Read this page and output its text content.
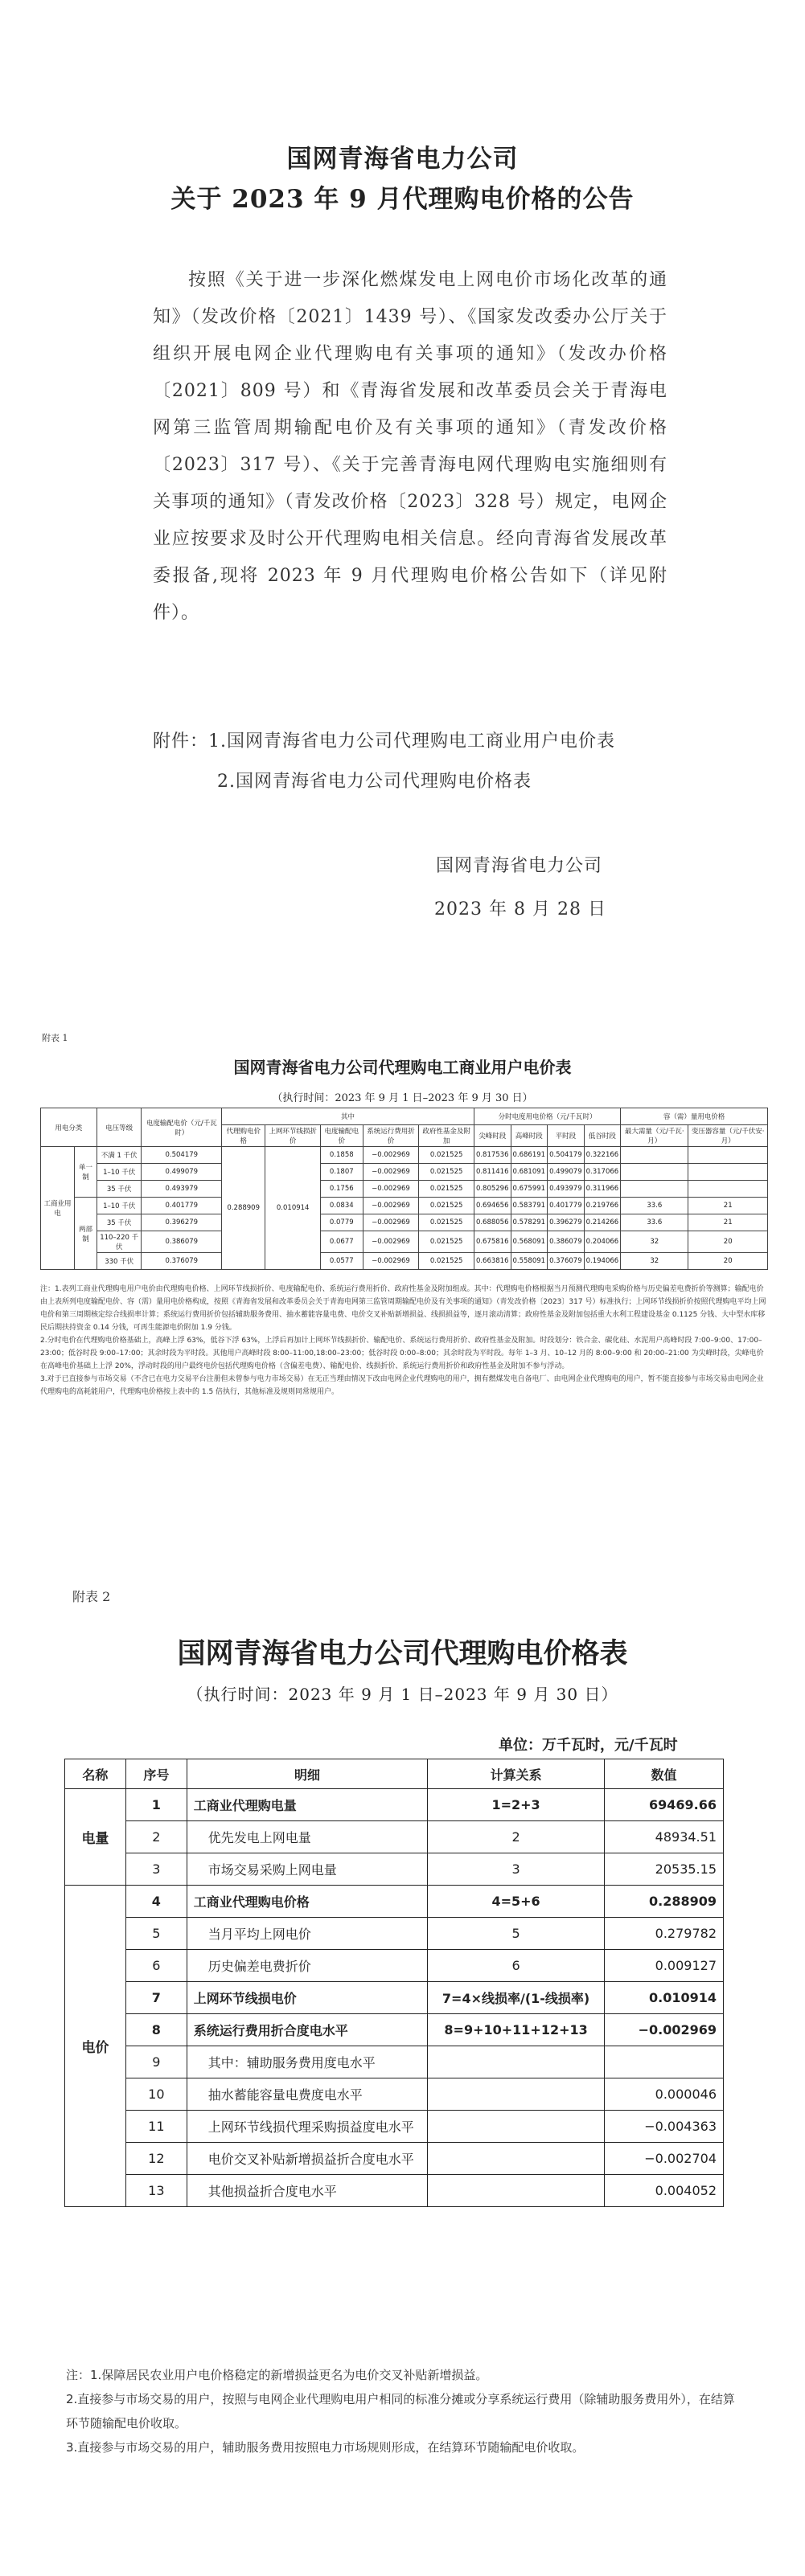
国网青海省电力公司
关于 2023 年 9 月代理购电价格的公告
按照《关于进一步深化燃煤发电上网电价市场化改革的通知》（发改价格〔2021〕1439 号）、《国家发改委办公厅关于组织开展电网企业代理购电有关事项的通知》（发改办价格〔2021〕809 号）和《青海省发展和改革委员会关于青海电网第三监管周期输配电价及有关事项的通知》（青发改价格〔2023〕317 号）、《关于完善青海电网代理购电实施细则有关事项的通知》（青发改价格〔2023〕328 号）规定，电网企业应按要求及时公开代理购电相关信息。经向青海省发展改革委报备,现将 2023 年 9 月代理购电价格公告如下（详见附件）。
附件：1.国网青海省电力公司代理购电工商业用户电价表
2.国网青海省电力公司代理购电价格表
国网青海省电力公司
2023 年 8 月 28 日
附表 1
国网青海省电力公司代理购电工商业用户电价表
（执行时间：2023 年 9 月 1 日–2023 年 9 月 30 日）
用电分类		电压等级	电度输配电价（元/千瓦时）	其中					分时电度用电价格（元/千瓦时）				容（需）量用电价格	
				代理购电价格	上网环节线损折价	电度输配电价	系统运行费用折价	政府性基金及附加	尖峰时段	高峰时段	平时段	低谷时段	最大需量（元/千瓦·月）	变压器容量（元/千伏安·月）
工商业用电	单一制	不满 1 千伏	0.504179	0.288909	0.010914	0.1858	−0.002969	0.021525	0.817536	0.686191	0.504179	0.322166		
		1–10 千伏	0.499079			0.1807	−0.002969	0.021525	0.811416	0.681091	0.499079	0.317066		
		35 千伏	0.493979			0.1756	−0.002969	0.021525	0.805296	0.675991	0.493979	0.311966		
	两部制	1–10 千伏	0.401779			0.0834	−0.002969	0.021525	0.694656	0.583791	0.401779	0.219766	33.6	21
		35 千伏	0.396279			0.0779	−0.002969	0.021525	0.688056	0.578291	0.396279	0.214266	33.6	21
		110–220 千伏	0.386079			0.0677	−0.002969	0.021525	0.675816	0.568091	0.386079	0.204066	32	20
		330 千伏	0.376079			0.0577	−0.002969	0.021525	0.663816	0.558091	0.376079	0.194066	32	20
注：1.表列工商业代理购电用户电价由代理购电价格、上网环节线损折价、电度输配电价、系统运行费用折价、政府性基金及附加组成。其中：代理购电价格根据当月预测代理购电采购价格与历史偏差电费折价等测算；输配电价由上表所列电度输配电价、容（需）量用电价格构成，按照《青海省发展和改革委员会关于青海电网第三监管周期输配电价及有关事项的通知》（青发改价格〔2023〕317 号）标准执行；上网环节线损折价按照代理购电平均上网电价和第三周期核定综合线损率计算；系统运行费用折价包括辅助服务费用、抽水蓄能容量电费、电价交叉补贴新增损益、线损损益等，逐月滚动清算；政府性基金及附加包括重大水利工程建设基金 0.1125 分钱、大中型水库移民后期扶持资金 0.14 分钱，可再生能源电价附加 1.9 分钱。
2.分时电价在代理购电价格基础上，高峰上浮 63%，低谷下浮 63%，上浮后再加计上网环节线损折价、输配电价、系统运行费用折价、政府性基金及附加。时段划分：铁合金、碳化硅、水泥用户高峰时段 7:00–9:00、17:00–23:00；低谷时段 9:00–17:00；其余时段为平时段。其他用户高峰时段 8:00–11:00,18:00–23:00；低谷时段 0:00–8:00；其余时段为平时段。每年 1–3 月、10–12 月的 8:00–9:00 和 20:00–21:00 为尖峰时段，尖峰电价在高峰电价基础上上浮 20%，浮动时段的用户最终电价包括代理购电价格（含偏差电费）、输配电价、线损折价、系统运行费用折价和政府性基金及附加不参与浮动。
3.对于已直接参与市场交易（不含已在电力交易平台注册但未曾参与电力市场交易）在无正当理由情况下改由电网企业代理购电的用户，拥有燃煤发电自备电厂、由电网企业代理购电的用户，暂不能直接参与市场交易由电网企业代理购电的高耗能用户，代理购电价格按上表中的 1.5 倍执行，其他标准及规则同常规用户。
附表 2
国网青海省电力公司代理购电价格表
（执行时间：2023 年 9 月 1 日–2023 年 9 月 30 日）
单位：万千瓦时，元/千瓦时
名称	序号	明细	计算关系	数值
电量	1	工商业代理购电量	1=2+3	69469.66
	2	优先发电上网电量	2	48934.51
	3	市场交易采购上网电量	3	20535.15
电价	4	工商业代理购电价格	4=5+6	0.288909
	5	当月平均上网电价	5	0.279782
	6	历史偏差电费折价	6	0.009127
	7	上网环节线损电价	7=4×线损率/(1-线损率)	0.010914
	8	系统运行费用折合度电水平	8=9+10+11+12+13	−0.002969
	9	其中：辅助服务费用度电水平		
	10	抽水蓄能容量电费度电水平		0.000046
	11	上网环节线损代理采购损益度电水平		−0.004363
	12	电价交叉补贴新增损益折合度电水平		−0.002704
	13	其他损益折合度电水平		0.004052
注：1.保障居民农业用户电价格稳定的新增损益更名为电价交叉补贴新增损益。
2.直接参与市场交易的用户，按照与电网企业代理购电用户相同的标准分摊或分享系统运行费用（除辅助服务费用外），在结算环节随输配电价收取。
3.直接参与市场交易的用户，辅助服务费用按照电力市场规则形成，在结算环节随输配电价收取。
